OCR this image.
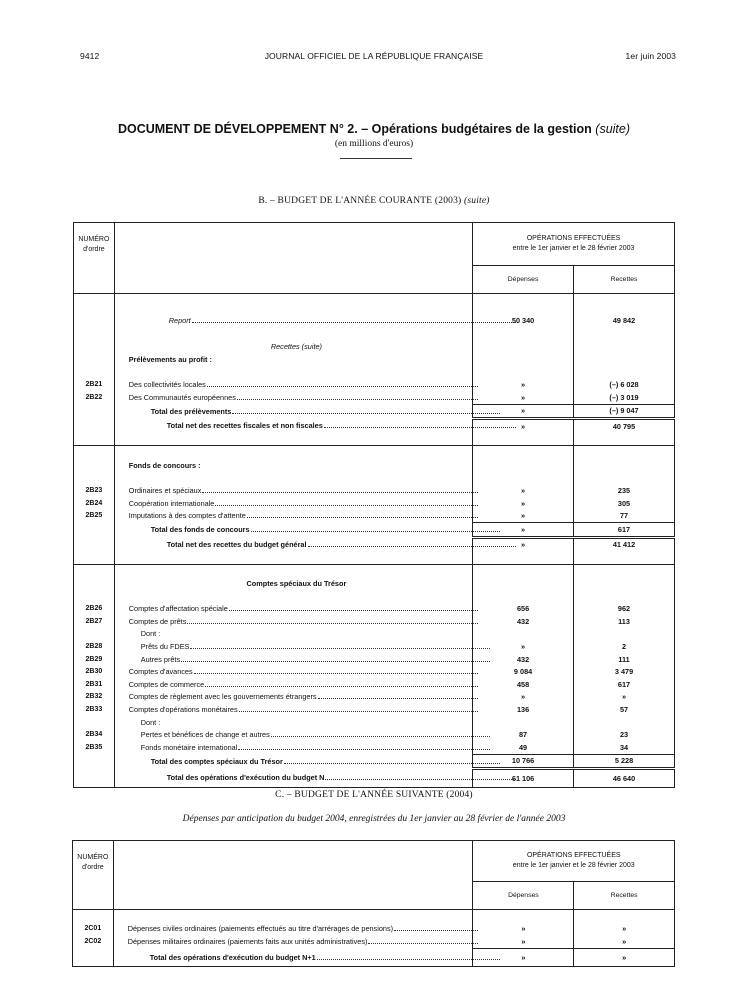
9412	JOURNAL OFFICIEL DE LA RÉPUBLIQUE FRANÇAISE	1er juin 2003
DOCUMENT DE DÉVELOPPEMENT N° 2. – Opérations budgétaires de la gestion (suite)
(en millions d'euros)
B. – BUDGET DE L'ANNÉE COURANTE (2003) (suite)
NUMÉRO
d'ordre		OPÉRATIONS EFFECTUÉES
entre le 1er janvier et le 28 février 2003	
		Dépenses	Recettes

	Report	50 340	49 842

	Recettes (suite)		
	Prélèvements au profit :		

2B21	Des collectivités locales	»	(–) 6 028
2B22	Des Communautés européennes	»	(–) 3 019

	Total des prélèvements	»	(–) 9 047

	Total net des recettes fiscales et non fiscales	»	40 795

	Fonds de concours :		

2B23	Ordinaires et spéciaux	»	235
2B24	Coopération internationale	»	305
2B25	Imputations à des comptes d'attente	»	77

	Total des fonds de concours	»	617

	Total net des recettes du budget général	»	41 412

	Comptes spéciaux du Trésor		

2B26	Comptes d'affectation spéciale	656	962
2B27	Comptes de prêts	432	113

	Dont :		

2B28	Prêts du FDES	»	2
2B29	Autres prêts	432	111
2B30	Comptes d'avances	9 084	3 479
2B31	Comptes de commerce	458	617
2B32	Comptes de règlement avec les gouvernements étrangers	»	»
2B33	Comptes d'opérations monétaires	136	57

	Dont :		

2B34	Pertes et bénéfices de change et autres	87	23
2B35	Fonds monétaire international	49	34

	Total des comptes spéciaux du Trésor	10 766	5 228

	Total des opérations d'exécution du budget N	61 106	46 640
C. – BUDGET DE L'ANNÉE SUIVANTE (2004)
Dépenses par anticipation du budget 2004, enregistrées du 1er janvier au 28 février de l'année 2003
NUMÉRO
d'ordre		OPÉRATIONS EFFECTUÉES
entre le 1er janvier et le 28 février 2003	
		Dépenses	Recettes

2C01	Dépenses civiles ordinaires (paiements effectués au titre d'arrérages de pensions)	»	»
2C02	Dépenses militaires ordinaires (paiements faits aux unités administratives)	»	»

	Total des opérations d'exécution du budget N+1	»	»
